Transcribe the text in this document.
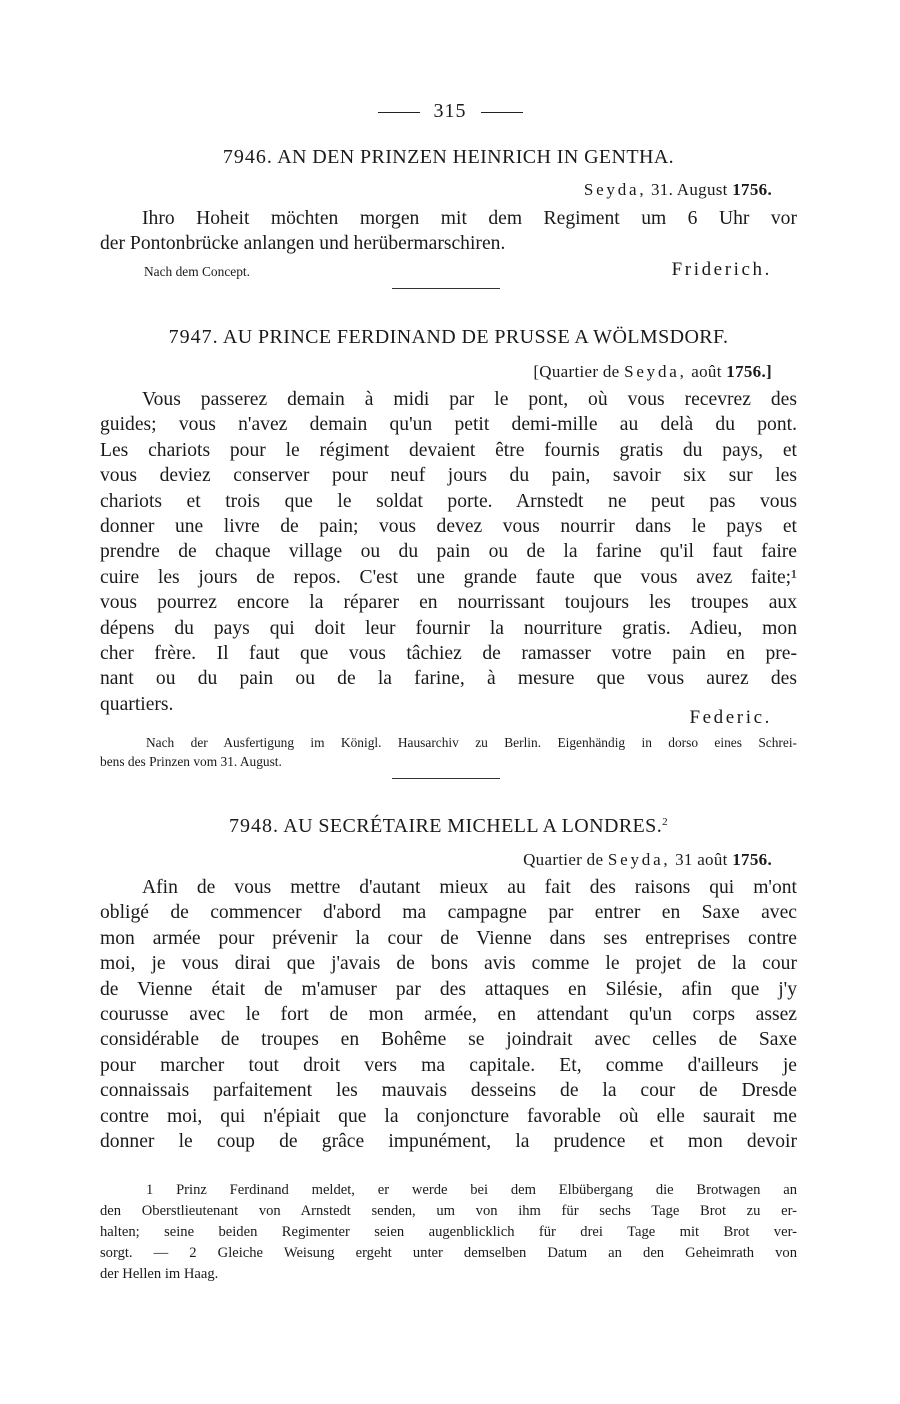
315
7946. AN DEN PRINZEN HEINRICH IN GENTHA.
Seyda, 31. August 1756.
Ihro Hoheit möchten morgen mit dem Regiment um 6 Uhr vor
der Pontonbrücke anlangen und herübermarschiren.
Nach dem Concept.	Friderich.
7947. AU PRINCE FERDINAND DE PRUSSE A WÖLMSDORF.
[Quartier de Seyda, août 1756.]
Vous passerez demain à midi par le pont, où vous recevrez des
guides; vous n'avez demain qu'un petit demi-mille au delà du pont.
Les chariots pour le régiment devaient être fournis gratis du pays, et
vous deviez conserver pour neuf jours du pain, savoir six sur les
chariots et trois que le soldat porte. Arnstedt ne peut pas vous
donner une livre de pain; vous devez vous nourrir dans le pays et
prendre de chaque village ou du pain ou de la farine qu'il faut faire
cuire les jours de repos. C'est une grande faute que vous avez faite;¹
vous pourrez encore la réparer en nourrissant toujours les troupes aux
dépens du pays qui doit leur fournir la nourriture gratis. Adieu, mon
cher frère. Il faut que vous tâchiez de ramasser votre pain en pre-
nant ou du pain ou de la farine, à mesure que vous aurez des
quartiers.
Federic.
Nach der Ausfertigung im Königl. Hausarchiv zu Berlin. Eigenhändig in dorso eines Schrei-
bens des Prinzen vom 31. August.
7948. AU SECRÉTAIRE MICHELL A LONDRES.$^2$
Quartier de Seyda, 31 août 1756.
Afin de vous mettre d'autant mieux au fait des raisons qui m'ont
obligé de commencer d'abord ma campagne par entrer en Saxe avec
mon armée pour prévenir la cour de Vienne dans ses entreprises contre
moi, je vous dirai que j'avais de bons avis comme le projet de la cour
de Vienne était de m'amuser par des attaques en Silésie, afin que j'y
courusse avec le fort de mon armée, en attendant qu'un corps assez
considérable de troupes en Bohême se joindrait avec celles de Saxe
pour marcher tout droit vers ma capitale. Et, comme d'ailleurs je
connaissais parfaitement les mauvais desseins de la cour de Dresde
contre moi, qui n'épiait que la conjoncture favorable où elle saurait me
donner le coup de grâce impunément, la prudence et mon devoir
1 Prinz Ferdinand meldet, er werde bei dem Elbübergang die Brotwagen an
den Oberstlieutenant von Arnstedt senden, um von ihm für sechs Tage Brot zu er-
halten; seine beiden Regimenter seien augenblicklich für drei Tage mit Brot ver-
sorgt. — 2 Gleiche Weisung ergeht unter demselben Datum an den Geheimrath von
der Hellen im Haag.
